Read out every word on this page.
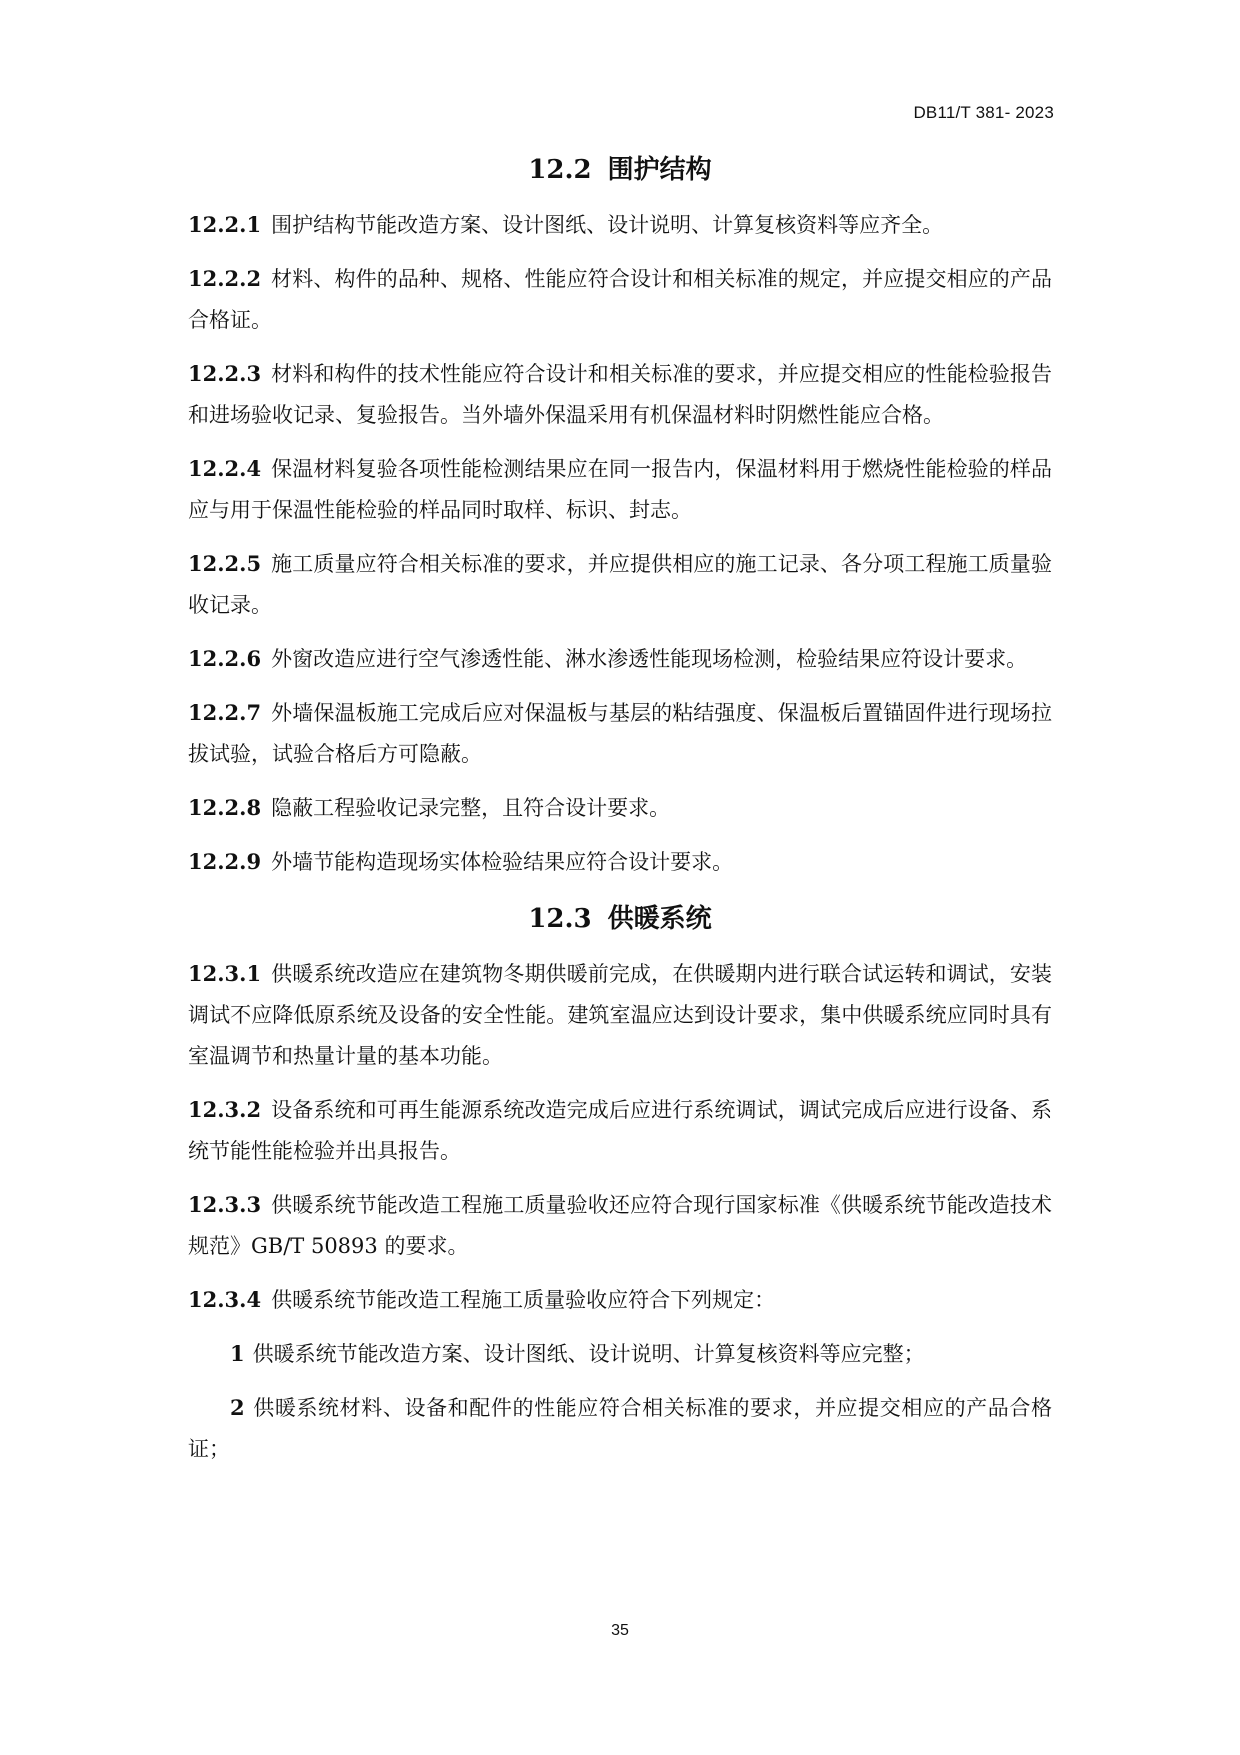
DB11/T 381- 2023
12.2 围护结构

12.2.1 围护结构节能改造方案、设计图纸、设计说明、计算复核资料等应齐全。

12.2.2 材料、构件的品种、规格、性能应符合设计和相关标准的规定，并应提交相应的产品合格证。

12.2.3 材料和构件的技术性能应符合设计和相关标准的要求，并应提交相应的性能检验报告和进场验收记录、复验报告。当外墙外保温采用有机保温材料时阴燃性能应合格。

12.2.4 保温材料复验各项性能检测结果应在同一报告内，保温材料用于燃烧性能检验的样品应与用于保温性能检验的样品同时取样、标识、封志。

12.2.5 施工质量应符合相关标准的要求，并应提供相应的施工记录、各分项工程施工质量验收记录。

12.2.6 外窗改造应进行空气渗透性能、淋水渗透性能现场检测，检验结果应符设计要求。

12.2.7 外墙保温板施工完成后应对保温板与基层的粘结强度、保温板后置锚固件进行现场拉拔试验，试验合格后方可隐蔽。

12.2.8 隐蔽工程验收记录完整，且符合设计要求。

12.2.9 外墙节能构造现场实体检验结果应符合设计要求。

12.3 供暖系统

12.3.1 供暖系统改造应在建筑物冬期供暖前完成，在供暖期内进行联合试运转和调试，安装调试不应降低原系统及设备的安全性能。建筑室温应达到设计要求，集中供暖系统应同时具有室温调节和热量计量的基本功能。

12.3.2 设备系统和可再生能源系统改造完成后应进行系统调试，调试完成后应进行设备、系统节能性能检验并出具报告。

12.3.3 供暖系统节能改造工程施工质量验收还应符合现行国家标准《供暖系统节能改造技术规范》GB/T 50893 的要求。

12.3.4 供暖系统节能改造工程施工质量验收应符合下列规定：

1 供暖系统节能改造方案、设计图纸、设计说明、计算复核资料等应完整；

2 供暖系统材料、设备和配件的性能应符合相关标准的要求，并应提交相应的产品合格证；

35
